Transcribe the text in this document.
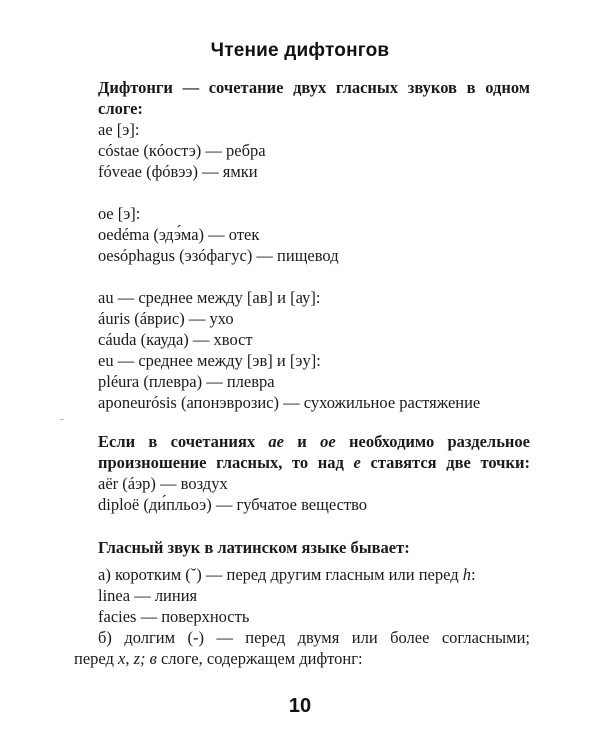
Чтение дифтонгов
Дифтонги — сочетание двух гласных звуков в одном
слоге:
ae [э]:
cóstae (кóостэ) — ребра
fóveae (фóвээ) — ямки
oe [э]:
oedéma (эдэ́ма) — отек
oesóphagus (эзóфагус) — пищевод
au — среднее между [ав] и [ау]:
áuris (áврис) — ухо
cáuda (кауда) — хвост
eu — среднее между [эв] и [эу]:
pléura (плевра) — плевра
aponeurósis (апонэврозис) — сухожильное растяжение
Если в сочетаниях ae и oe необходимо раздельное
произношение гласных, то над e ставятся две точки:
aёr (áэр) — воздух
diploё (ди́пльоэ) — губчатое вещество
Гласный звук в латинском языке бывает:
а) коротким (˘) — перед другим гласным или перед h:
linea — линия
facies — поверхность
б) долгим (-) — перед двумя или более согласными;
перед x, z; в слоге, содержащем дифтонг:
10
